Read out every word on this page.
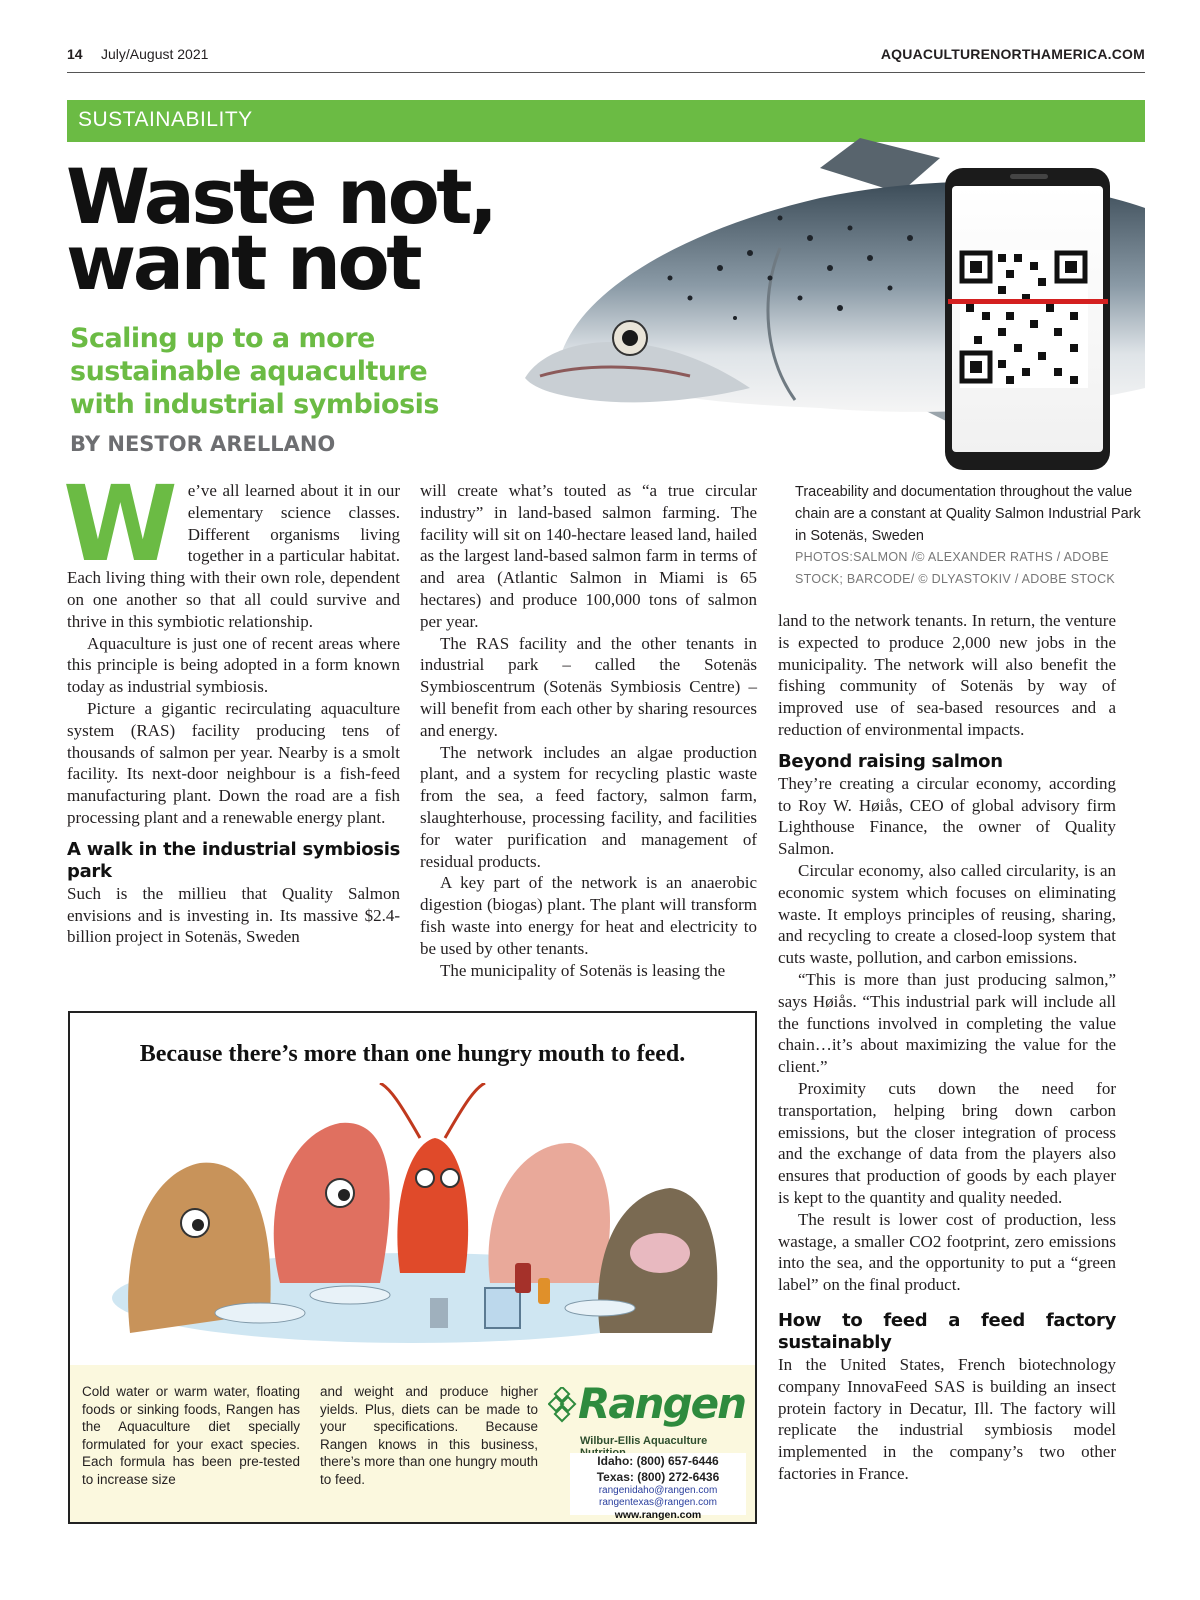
14 July/August 2021	AQUACULTURENORTHAMERICA.COM
SUSTAINABILITY
Waste not,
want not
Scaling up to a more sustainable aquaculture with industrial symbiosis
BY NESTOR ARELLANO
Traceability and documentation throughout the value chain are a constant at Quality Salmon Industrial Park in Sotenäs, Sweden
PHOTOS:SALMON /© ALEXANDER RATHS / ADOBE STOCK; BARCODE/ © DLYASTOKIV / ADOBE STOCK

We’ve all learned about it in our elementary science classes. Different organisms living together in a particular habitat. Each living thing with their own role, dependent on one another so that all could survive and thrive in this symbiotic relationship.

Aquaculture is just one of recent areas where this principle is being adopted in a form known today as industrial symbiosis.

Picture a gigantic recirculating aquaculture system (RAS) facility producing tens of thousands of salmon per year. Nearby is a smolt facility. Its next-door neighbour is a fish-feed manufacturing plant. Down the road are a fish processing plant and a renewable energy plant.

A walk in the industrial symbiosis park

Such is the millieu that Quality Salmon envisions and is investing in. Its massive $2.4-billion project in Sotenäs, Sweden

will create what’s touted as “a true circular industry” in land-based salmon farming. The facility will sit on 140-hectare leased land, hailed as the largest land-based salmon farm in terms of and area (Atlantic Salmon in Miami is 65 hectares) and produce 100,000 tons of salmon per year.

The RAS facility and the other tenants in industrial park – called the Sotenäs Symbioscentrum (Sotenäs Symbiosis Centre) – will benefit from each other by sharing resources and energy.

The network includes an algae production plant, and a system for recycling plastic waste from the sea, a feed factory, salmon farm, slaughterhouse, processing facility, and facilities for water purification and management of residual products.

A key part of the network is an anaerobic digestion (biogas) plant. The plant will transform fish waste into energy for heat and electricity to be used by other tenants.

The municipality of Sotenäs is leasing the

land to the network tenants. In return, the venture is expected to produce 2,000 new jobs in the municipality. The network will also benefit the fishing community of Sotenäs by way of improved use of sea-based resources and a reduction of environmental impacts.

Beyond raising salmon

They’re creating a circular economy, according to Roy W. Høiås, CEO of global advisory firm Lighthouse Finance, the owner of Quality Salmon.

Circular economy, also called circularity, is an economic system which focuses on eliminating waste. It employs principles of reusing, sharing, and recycling to create a closed-loop system that cuts waste, pollution, and carbon emissions.

“This is more than just producing salmon,” says Høiås. “This industrial park will include all the functions involved in completing the value chain…it’s about maximizing the value for the client.”

Proximity cuts down the need for transportation, helping bring down carbon emissions, but the closer integration of process and the exchange of data from the players also ensures that production of goods by each player is kept to the quantity and quality needed.

The result is lower cost of production, less wastage, a smaller CO2 footprint, zero emissions into the sea, and the opportunity to put a “green label” on the final product.

How to feed a feed factory sustainably

In the United States, French biotechnology company InnovaFeed SAS is building an insect protein factory in Decatur, Ill. The factory will replicate the industrial symbiosis model implemented in the company’s two other factories in France.

Because there’s more than one hungry mouth to feed.
Cold water or warm water, floating foods or sinking foods, Rangen has the Aquaculture diet specially formulated for your exact species. Each formula has been pre-tested to increase size
and weight and produce higher yields. Plus, diets can be made to your specifications. Because Rangen knows in this business, there’s more than one hungry mouth to feed.
Rangen
Wilbur-Ellis Aquaculture
Idaho: (800) 657-6446
Texas: (800) 272-6436
rangenidaho@rangen.com
rangentexas@rangen.com
www.rangen.com
